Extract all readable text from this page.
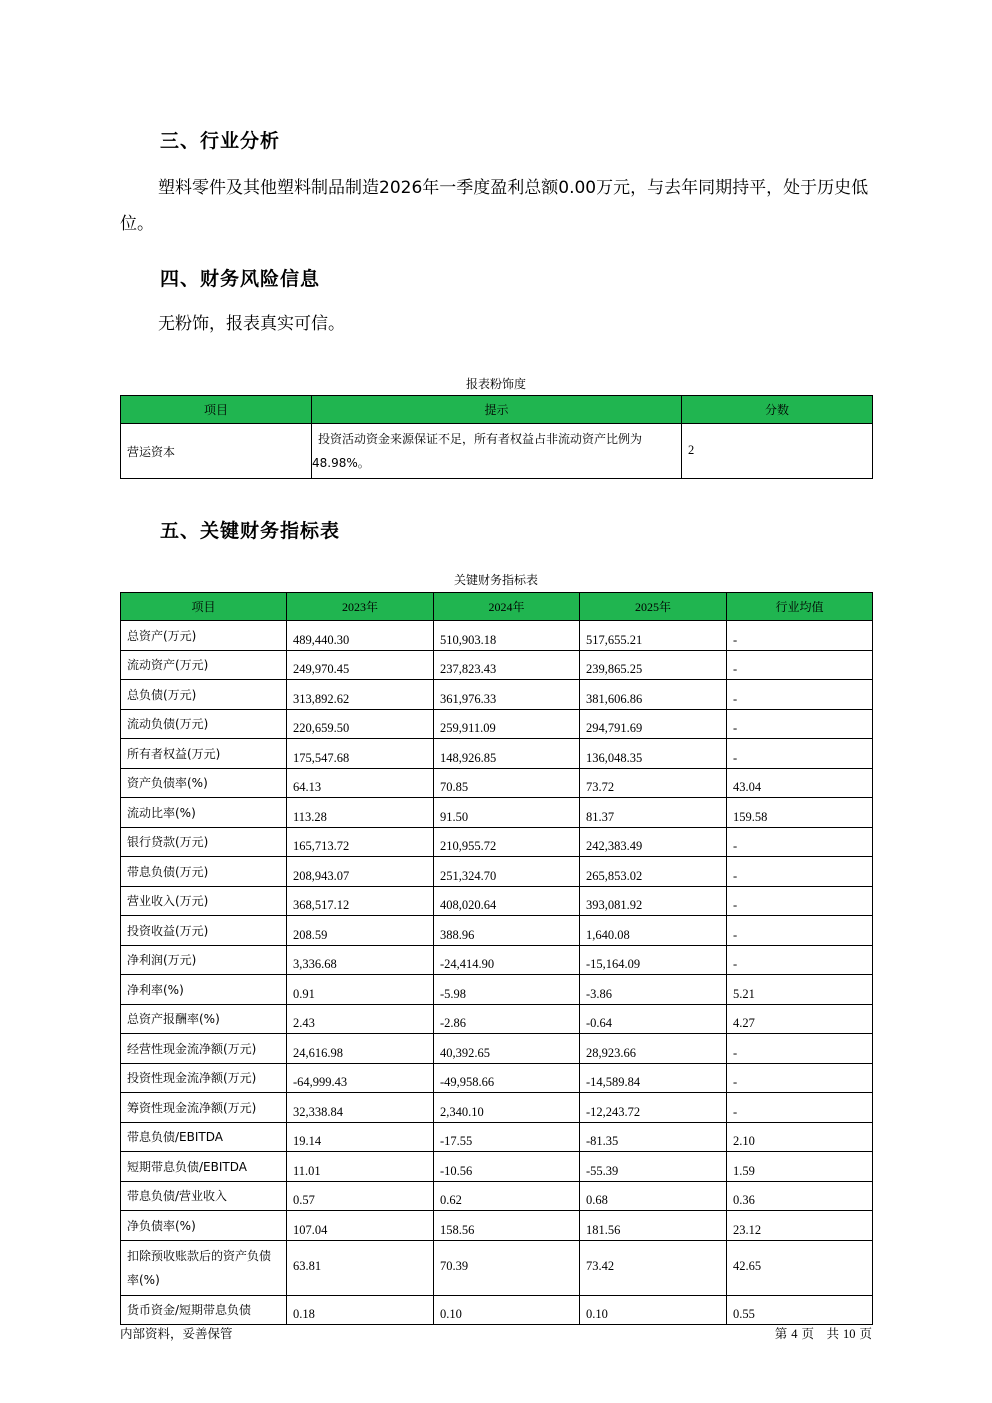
三、行业分析
塑料零件及其他塑料制品制造2026年一季度盈利总额0.00万元，与去年同期持平，处于历史低位。
四、财务风险信息
无粉饰，报表真实可信。
报表粉饰度
项目	提示	分数
营运资本	投资活动资金来源保证不足，所有者权益占非流动资产比例为48.98%。	2
五、关键财务指标表
关键财务指标表
项目	2023年	2024年	2025年	行业均值
总资产(万元)	489,440.30	510,903.18	517,655.21	-
流动资产(万元)	249,970.45	237,823.43	239,865.25	-
总负债(万元)	313,892.62	361,976.33	381,606.86	-
流动负债(万元)	220,659.50	259,911.09	294,791.69	-
所有者权益(万元)	175,547.68	148,926.85	136,048.35	-
资产负债率(%)	64.13	70.85	73.72	43.04
流动比率(%)	113.28	91.50	81.37	159.58
银行贷款(万元)	165,713.72	210,955.72	242,383.49	-
带息负债(万元)	208,943.07	251,324.70	265,853.02	-
营业收入(万元)	368,517.12	408,020.64	393,081.92	-
投资收益(万元)	208.59	388.96	1,640.08	-
净利润(万元)	3,336.68	-24,414.90	-15,164.09	-
净利率(%)	0.91	-5.98	-3.86	5.21
总资产报酬率(%)	2.43	-2.86	-0.64	4.27
经营性现金流净额(万元)	24,616.98	40,392.65	28,923.66	-
投资性现金流净额(万元)	-64,999.43	-49,958.66	-14,589.84	-
筹资性现金流净额(万元)	32,338.84	2,340.10	-12,243.72	-
带息负债/EBITDA	19.14	-17.55	-81.35	2.10
短期带息负债/EBITDA	11.01	-10.56	-55.39	1.59
带息负债/营业收入	0.57	0.62	0.68	0.36
净负债率(%)	107.04	158.56	181.56	23.12
扣除预收账款后的资产负债率(%)	63.81	70.39	73.42	42.65
货币资金/短期带息负债	0.18	0.10	0.10	0.55
内部资料，妥善保管	第 4 页　共 10 页
